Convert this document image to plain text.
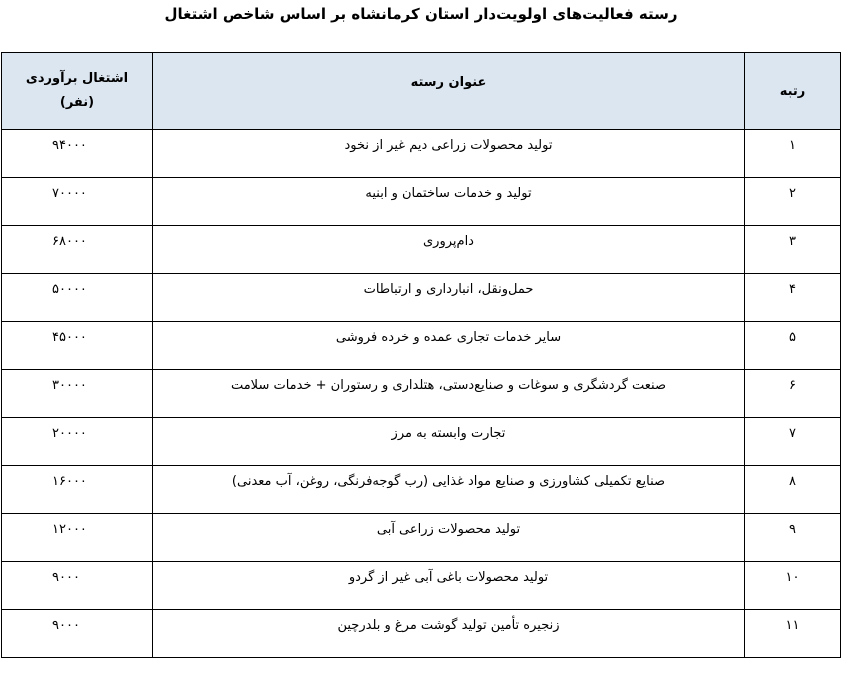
رسته فعالیت‌های اولویت‌دار استان کرمانشاه بر اساس شاخص اشتغال
رتبه	عنوان رسته	اشتغال برآوردی
(نفر)

۱	تولید محصولات زراعی دیم غیر از نخود	۹۴۰۰۰
۲	تولید و خدمات ساختمان و ابنیه	۷۰۰۰۰
۳	دام‌پروری	۶۸۰۰۰
۴	حمل‌ونقل، انبارداری و ارتباطات	۵۰۰۰۰
۵	سایر خدمات تجاری عمده و خرده فروشی	۴۵۰۰۰
۶	صنعت گردشگری و سوغات و صنایع‌دستی، هتلداری و رستوران + خدمات سلامت	۳۰۰۰۰
۷	تجارت وابسته به مرز	۲۰۰۰۰
۸	صنایع تکمیلی کشاورزی و صنایع مواد غذایی (رب گوجه‌فرنگی، روغن، آب معدنی)	۱۶۰۰۰
۹	تولید محصولات زراعی آبی	۱۲۰۰۰
۱۰	تولید محصولات باغی آبی غیر از گردو	۹۰۰۰
۱۱	زنجیره تأمین تولید گوشت مرغ و بلدرچین	۹۰۰۰
